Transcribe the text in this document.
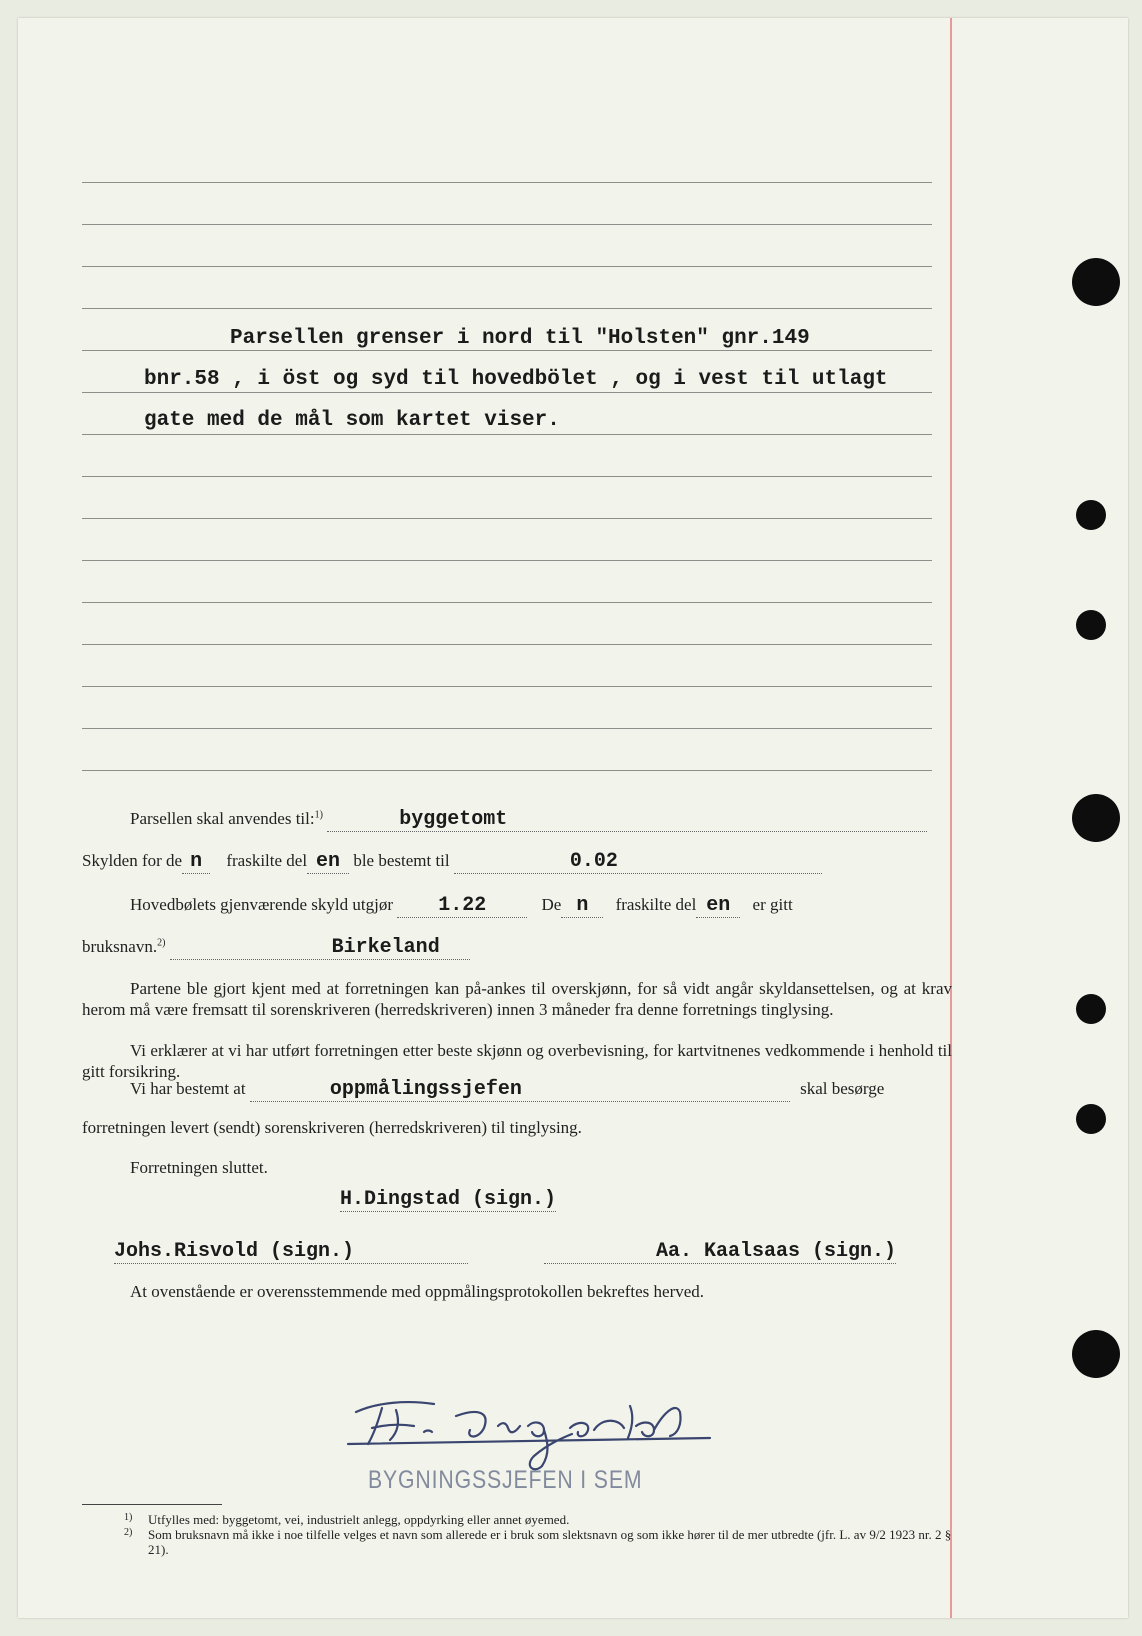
Parsellen grenser i nord til "Holsten" gnr.149
bnr.58 , i öst og syd til hovedbölet , og i vest til utlagt
gate med de mål som kartet viser.
Parsellen skal anvendes til:$^{1)}$	byggetomt
Skylden for de n fraskilte del en ble bestemt til	0.02
Hovedbølets gjenværende skyld utgjør 1.22	De n fraskilte del en er gitt
bruksnavn.$^{2)}$	Birkeland
Partene ble gjort kjent med at forretningen kan på-ankes til overskjønn, for så vidt angår skyldansettelsen, og at krav herom må være fremsatt til sorenskriveren (herredskriveren) innen 3 måneder fra denne forretnings tinglysing.
Vi erklærer at vi har utført forretningen etter beste skjønn og overbevisning, for kartvitnenes vedkommende i henhold til gitt forsikring.
Vi har bestemt at	oppmålingssjefen	skal besørge
forretningen levert (sendt) sorenskriveren (herredskriveren) til tinglysing.
Forretningen sluttet.
H.Dingstad (sign.)
Johs.Risvold (sign.)	Aa. Kaalsaas (sign.)
At ovenstående er overensstemmende med oppmålingsprotokollen bekreftes herved.
BYGNINGSSJEFEN I SEM
1) Utfylles med: byggetomt, vei, industrielt anlegg, oppdyrking eller annet øyemed.
2) Som bruksnavn må ikke i noe tilfelle velges et navn som allerede er i bruk som slektsnavn og som ikke hører til de mer utbredte (jfr. L. av 9/2 1923 nr. 2 § 21).
